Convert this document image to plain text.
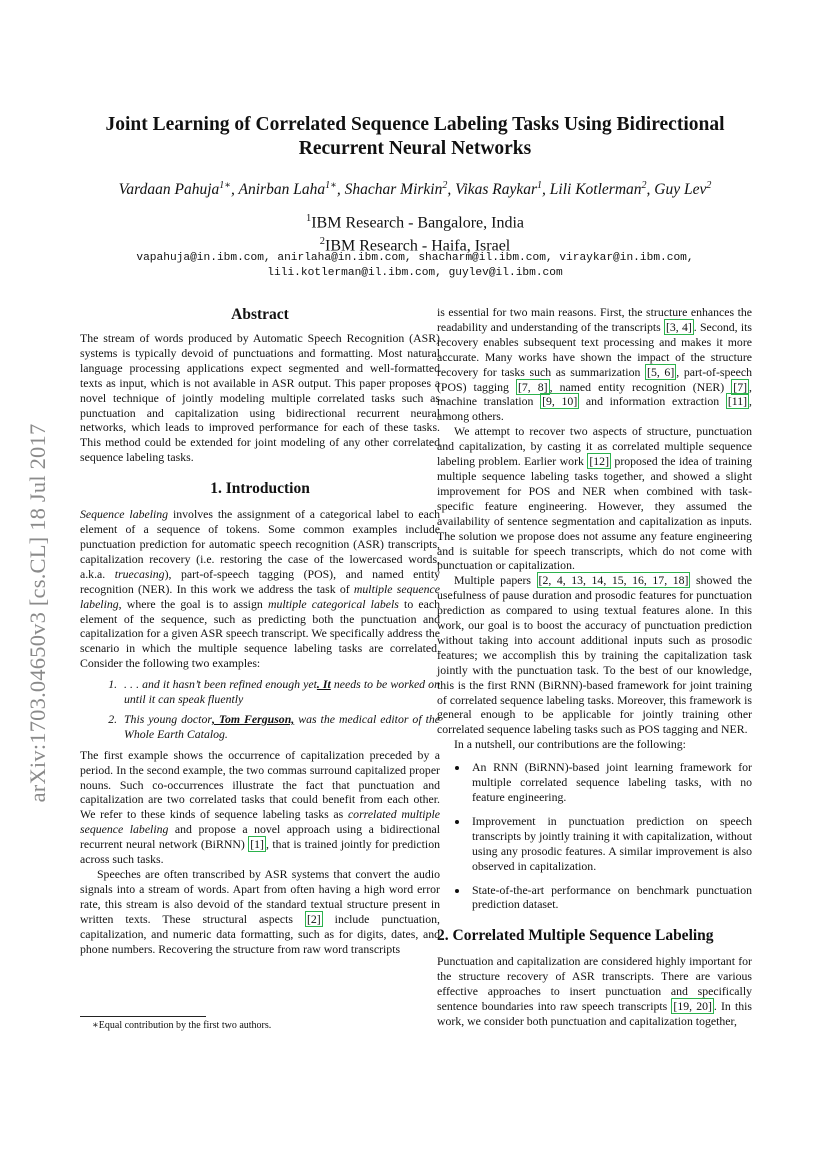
arXiv:1703.04650v3 [cs.CL] 18 Jul 2017
Joint Learning of Correlated Sequence Labeling Tasks Using Bidirectional
Recurrent Neural Networks
Vardaan Pahuja$^{1∗}$, Anirban Laha$^{1∗}$, Shachar Mirkin$^2$, Vikas Raykar$^1$, Lili Kotlerman$^2$, Guy Lev$^2$
$^1$IBM Research - Bangalore, India
$^2$IBM Research - Haifa, Israel
vapahuja@in.ibm.com, anirlaha@in.ibm.com, shacharm@il.ibm.com, viraykar@in.ibm.com,
lili.kotlerman@il.ibm.com, guylev@il.ibm.com
Abstract

The stream of words produced by Automatic Speech Recognition (ASR) systems is typically devoid of punctuations and formatting. Most natural language processing applications expect segmented and well-formatted texts as input, which is not available in ASR output. This paper proposes a novel technique of jointly modeling multiple correlated tasks such as punctuation and capitalization using bidirectional recurrent neural networks, which leads to improved performance for each of these tasks. This method could be extended for joint modeling of any other correlated sequence labeling tasks.

1. Introduction

Sequence labeling involves the assignment of a categorical label to each element of a sequence of tokens. Some common examples include punctuation prediction for automatic speech recognition (ASR) transcripts, capitalization recovery (i.e. restoring the case of the lowercased words, a.k.a. truecasing), part-of-speech tagging (POS), and named entity recognition (NER). In this work we address the task of multiple sequence labeling, where the goal is to assign multiple categorical labels to each element of the sequence, such as predicting both the punctuation and capitalization for a given ASR speech transcript. We specifically address the scenario in which the multiple sequence labeling tasks are correlated. Consider the following two examples:

1. . . . and it hasn’t been refined enough yet. It needs to be worked on until it can speak fluently
2. This young doctor, Tom Ferguson, was the medical editor of the Whole Earth Catalog.

The first example shows the occurrence of capitalization preceded by a period. In the second example, the two commas surround capitalized proper nouns. Such co-occurrences illustrate the fact that punctuation and capitalization are two correlated tasks that could benefit from each other. We refer to these kinds of sequence labeling tasks as correlated multiple sequence labeling and propose a novel approach using a bidirectional recurrent neural network (BiRNN) [1] , that is trained jointly for prediction across such tasks.

Speeches are often transcribed by ASR systems that convert the audio signals into a stream of words. Apart from often having a high word error rate, this stream is also devoid of the standard textual structure present in written texts. These structural aspects [2] include punctuation, capitalization, and numeric data formatting, such as for digits, dates, and phone numbers. Recovering the structure from raw word transcripts

∗Equal contribution by the first two authors.

is essential for two main reasons. First, the structure enhances the readability and understanding of the transcripts [3, 4] . Second, its recovery enables subsequent text processing and makes it more accurate. Many works have shown the impact of the structure recovery for tasks such as summarization [5, 6] , part-of-speech (POS) tagging [7, 8] , named entity recognition (NER) [7] , machine translation [9, 10] and information extraction [11] , among others.

We attempt to recover two aspects of structure, punctuation and capitalization, by casting it as correlated multiple sequence labeling problem. Earlier work [12] proposed the idea of training multiple sequence labeling tasks together, and showed a slight improvement for POS and NER when combined with task-specific feature engineering. However, they assumed the availability of sentence segmentation and capitalization as inputs. The solution we propose does not assume any feature engineering and is suitable for speech transcripts, which do not come with punctuation or capitalization.

Multiple papers [2, 4, 13, 14, 15, 16, 17, 18] showed the usefulness of pause duration and prosodic features for punctuation prediction as compared to using textual features alone. In this work, our goal is to boost the accuracy of punctuation prediction without taking into account additional inputs such as prosodic features; we accomplish this by training the capitalization task jointly with the punctuation task. To the best of our knowledge, this is the first RNN (BiRNN)-based framework for joint training of correlated sequence labeling tasks. Moreover, this framework is general enough to be applicable for jointly training other correlated sequence labeling tasks such as POS tagging and NER.

In a nutshell, our contributions are the following:

• An RNN (BiRNN)-based joint learning framework for multiple correlated sequence labeling tasks, with no feature engineering.
• Improvement in punctuation prediction on speech transcripts by jointly training it with capitalization, without using any prosodic features. A similar improvement is also observed in capitalization.
• State-of-the-art performance on benchmark punctuation prediction dataset.
2. Correlated Multiple Sequence Labeling

Punctuation and capitalization are considered highly important for the structure recovery of ASR transcripts. There are various effective approaches to insert punctuation and specifically sentence boundaries into raw speech transcripts [19, 20] . In this work, we consider both punctuation and capitalization together,
